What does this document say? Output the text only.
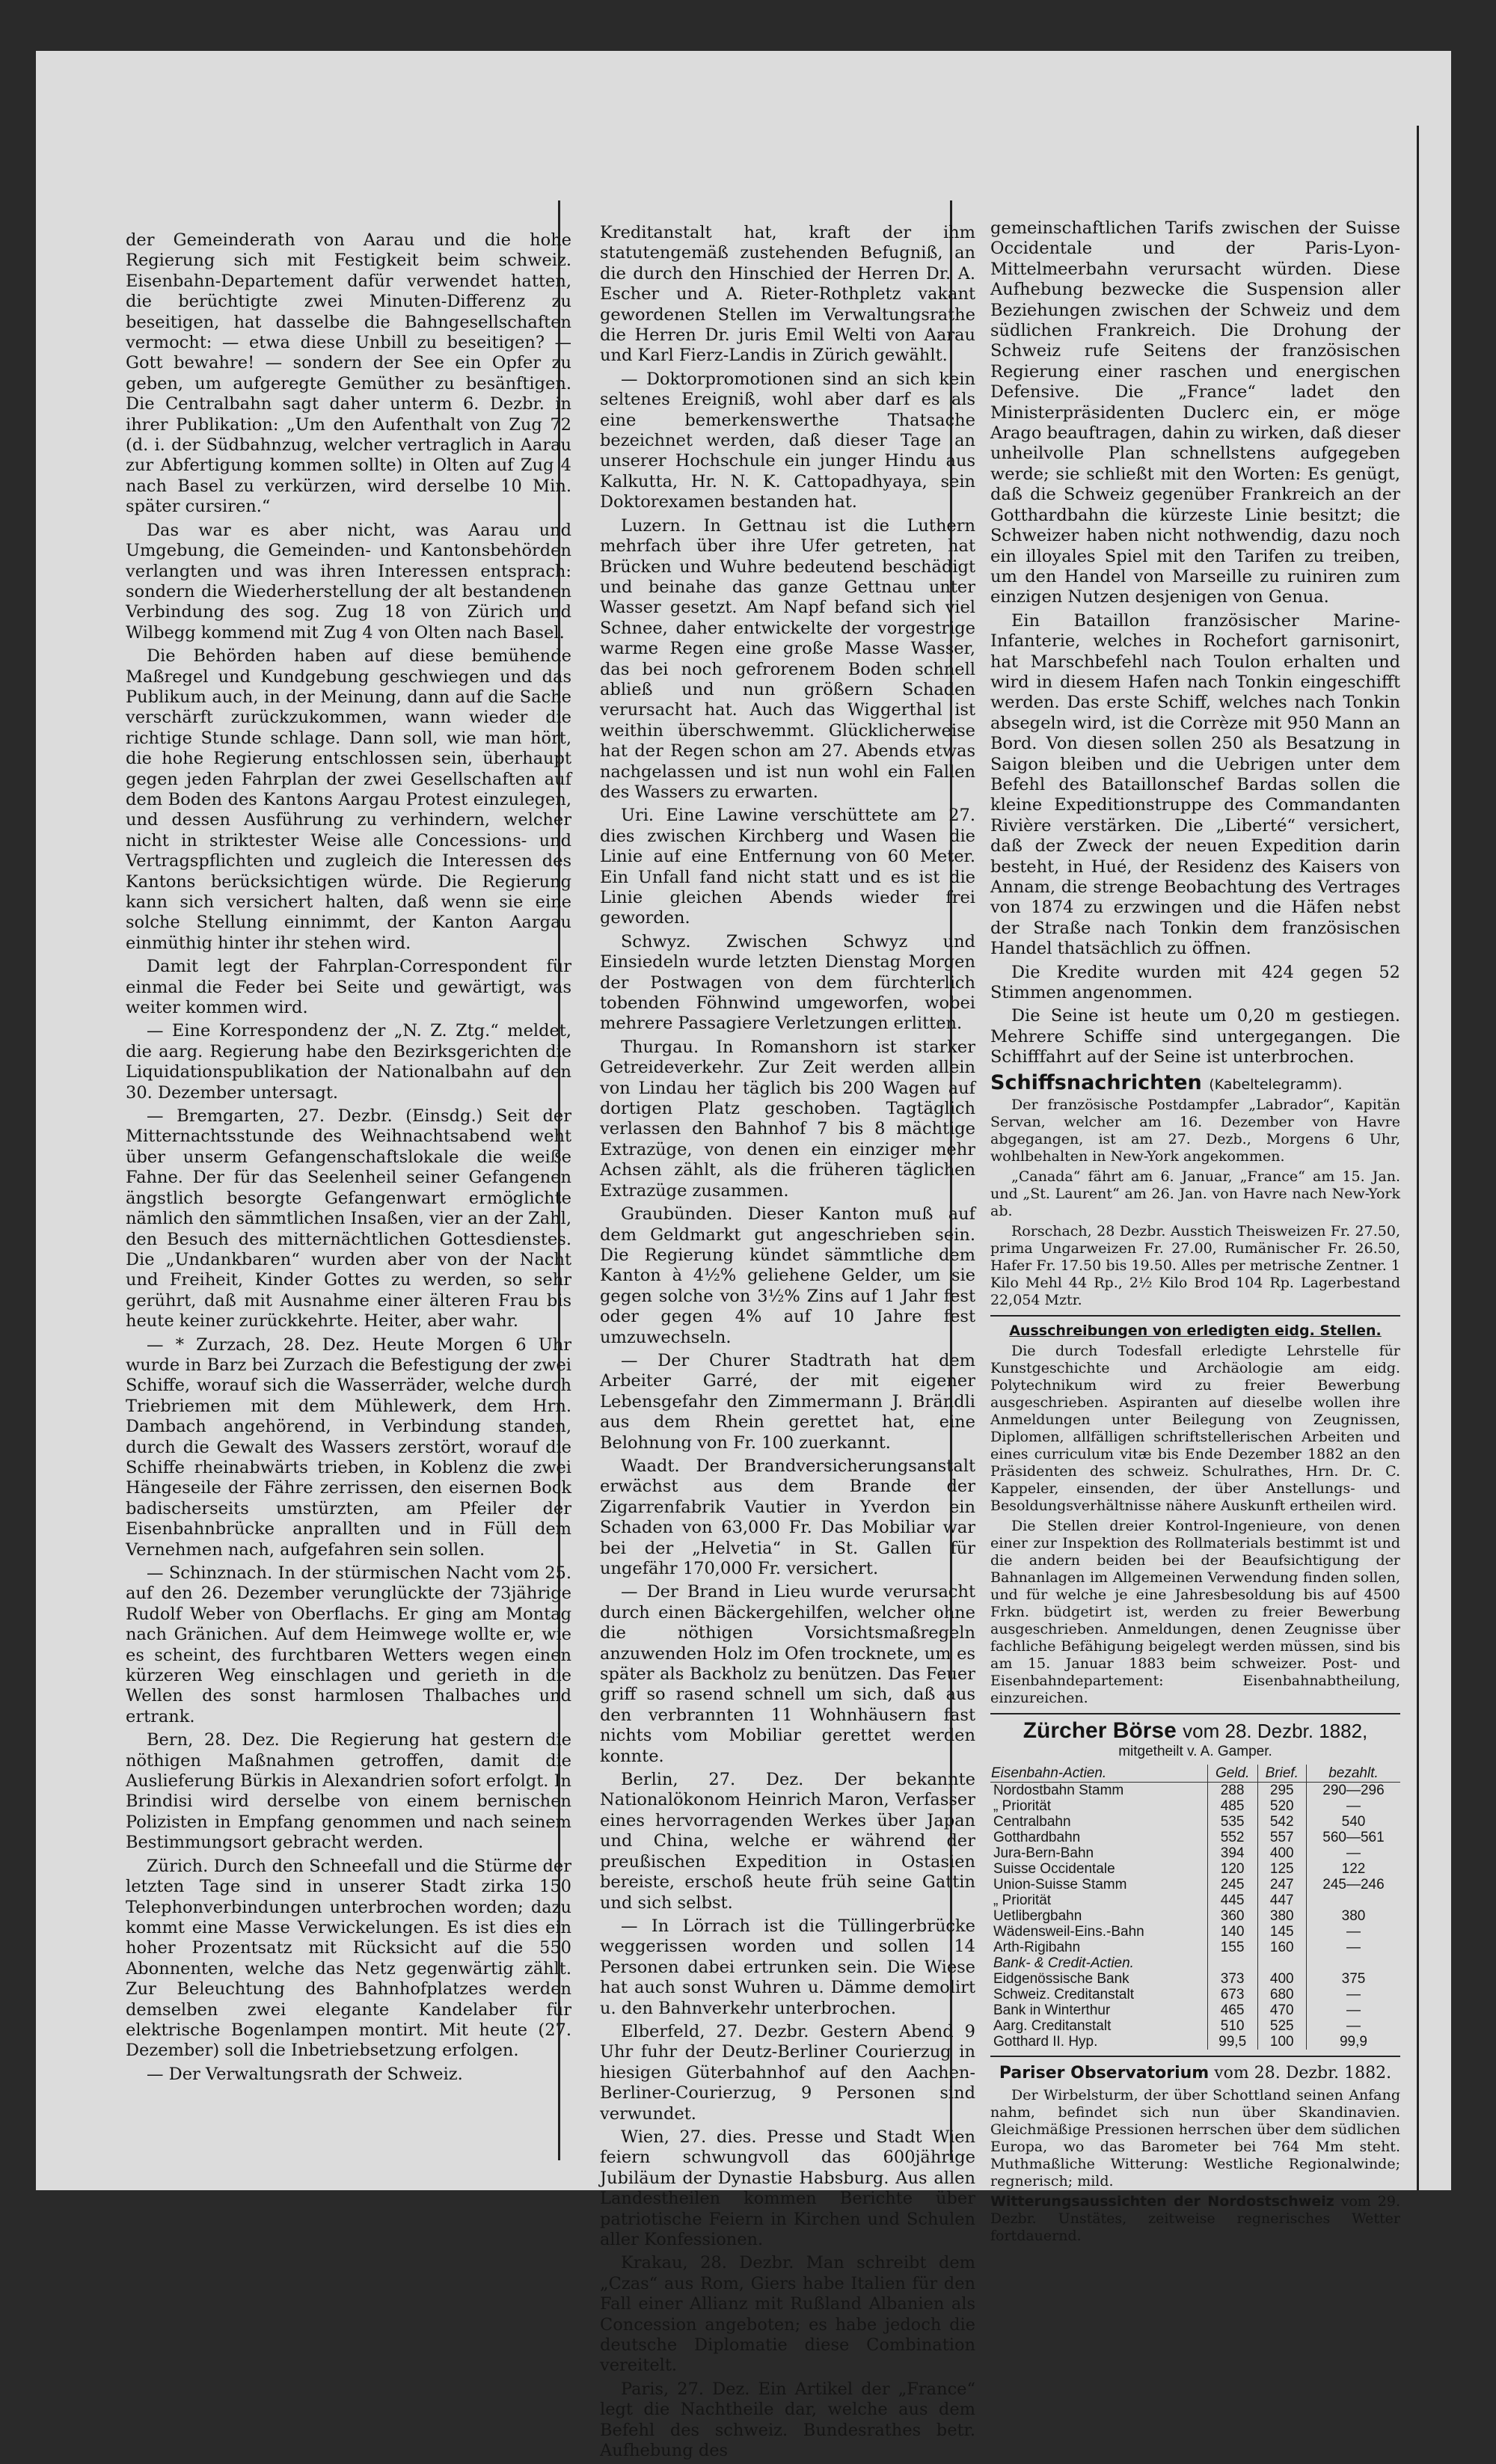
der Gemeinderath von Aarau und die hohe Regierung sich mit Festigkeit beim schweiz. Eisenbahn-Departement dafür verwendet hatten, die berüchtigte zwei Minuten-Differenz zu beseitigen, hat dasselbe die Bahngesellschaften vermocht: — etwa diese Unbill zu beseitigen? — Gott bewahre! — sondern der See ein Opfer zu geben, um aufgeregte Gemüther zu besänftigen. Die Centralbahn sagt daher unterm 6. Dezbr. in ihrer Publikation: „Um den Aufenthalt von Zug 72 (d. i. der Südbahnzug, welcher vertraglich in Aarau zur Abfertigung kommen sollte) in Olten auf Zug 4 nach Basel zu verkürzen, wird derselbe 10 Min. später cursiren.“

Das war es aber nicht, was Aarau und Umgebung, die Gemeinden- und Kantonsbehörden verlangten und was ihren Interessen entsprach: sondern die Wiederherstellung der alt bestandenen Verbindung des sog. Zug 18 von Zürich und Wilbegg kommend mit Zug 4 von Olten nach Basel.

Die Behörden haben auf diese bemühende Maßregel und Kundgebung geschwiegen und das Publikum auch, in der Meinung, dann auf die Sache verschärft zurückzukommen, wann wieder die richtige Stunde schlage. Dann soll, wie man hört, die hohe Regierung entschlossen sein, überhaupt gegen jeden Fahrplan der zwei Gesellschaften auf dem Boden des Kantons Aargau Protest einzulegen, und dessen Ausführung zu verhindern, welcher nicht in striktester Weise alle Concessions- und Vertragspflichten und zugleich die Interessen des Kantons berücksichtigen würde. Die Regierung kann sich versichert halten, daß wenn sie eine solche Stellung einnimmt, der Kanton Aargau einmüthig hinter ihr stehen wird.

Damit legt der Fahrplan-Correspondent für einmal die Feder bei Seite und gewärtigt, was weiter kommen wird.

— Eine Korrespondenz der „N. Z. Ztg.“ meldet, die aarg. Regierung habe den Bezirksgerichten die Liquidationspublikation der Nationalbahn auf den 30. Dezember untersagt.

— Bremgarten, 27. Dezbr. (Einsdg.) Seit der Mitternachtsstunde des Weihnachtsabend weht über unserm Gefangenschaftslokale die weiße Fahne. Der für das Seelenheil seiner Gefangenen ängstlich besorgte Gefangenwart ermöglichte nämlich den sämmtlichen Insaßen, vier an der Zahl, den Besuch des mitternächtlichen Gottesdienstes. Die „Undankbaren“ wurden aber von der Nacht und Freiheit, Kinder Gottes zu werden, so sehr gerührt, daß mit Ausnahme einer älteren Frau bis heute keiner zurückkehrte. Heiter, aber wahr.

— * Zurzach, 28. Dez. Heute Morgen 6 Uhr wurde in Barz bei Zurzach die Befestigung der zwei Schiffe, worauf sich die Wasserräder, welche durch Triebriemen mit dem Mühlewerk, dem Hrn. Dambach angehörend, in Verbindung standen, durch die Gewalt des Wassers zerstört, worauf die Schiffe rheinabwärts trieben, in Koblenz die zwei Hängeseile der Fähre zerrissen, den eisernen Bock badischerseits umstürzten, am Pfeiler der Eisenbahnbrücke anprallten und in Füll dem Vernehmen nach, aufgefahren sein sollen.

— Schinznach. In der stürmischen Nacht vom 25. auf den 26. Dezember verunglückte der 73jährige Rudolf Weber von Oberflachs. Er ging am Montag nach Gränichen. Auf dem Heimwege wollte er, wie es scheint, des furchtbaren Wetters wegen einen kürzeren Weg einschlagen und gerieth in die Wellen des sonst harmlosen Thalbaches und ertrank.

Bern, 28. Dez. Die Regierung hat gestern die nöthigen Maßnahmen getroffen, damit die Auslieferung Bürkis in Alexandrien sofort erfolgt. In Brindisi wird derselbe von einem bernischen Polizisten in Empfang genommen und nach seinem Bestimmungsort gebracht werden.

Zürich. Durch den Schneefall und die Stürme der letzten Tage sind in unserer Stadt zirka 150 Telephonverbindungen unterbrochen worden; dazu kommt eine Masse Verwickelungen. Es ist dies ein hoher Prozentsatz mit Rücksicht auf die 550 Abonnenten, welche das Netz gegenwärtig zählt. Zur Beleuchtung des Bahnhofplatzes werden demselben zwei elegante Kandelaber für elektrische Bogenlampen montirt. Mit heute (27. Dezember) soll die Inbetriebsetzung erfolgen.

— Der Verwaltungsrath der Schweiz.

Kreditanstalt hat, kraft der ihm statutengemäß zustehenden Befugniß, an die durch den Hinschied der Herren Dr. A. Escher und A. Rieter-Rothpletz vakant gewordenen Stellen im Verwaltungsrathe die Herren Dr. juris Emil Welti von Aarau und Karl Fierz-Landis in Zürich gewählt.

— Doktorpromotionen sind an sich kein seltenes Ereigniß, wohl aber darf es als eine bemerkenswerthe Thatsache bezeichnet werden, daß dieser Tage an unserer Hochschule ein junger Hindu aus Kalkutta, Hr. N. K. Cattopadhyaya, sein Doktorexamen bestanden hat.

Luzern. In Gettnau ist die Luthern mehrfach über ihre Ufer getreten, hat Brücken und Wuhre bedeutend beschädigt und beinahe das ganze Gettnau unter Wasser gesetzt. Am Napf befand sich viel Schnee, daher entwickelte der vorgestrige warme Regen eine große Masse Wasser, das bei noch gefrorenem Boden schnell abließ und nun größern Schaden verursacht hat. Auch das Wiggerthal ist weithin überschwemmt. Glücklicherweise hat der Regen schon am 27. Abends etwas nachgelassen und ist nun wohl ein Fallen des Wassers zu erwarten.

Uri. Eine Lawine verschüttete am 27. dies zwischen Kirchberg und Wasen die Linie auf eine Entfernung von 60 Meter. Ein Unfall fand nicht statt und es ist die Linie gleichen Abends wieder frei geworden.

Schwyz. Zwischen Schwyz und Einsiedeln wurde letzten Dienstag Morgen der Postwagen von dem fürchterlich tobenden Föhnwind umgeworfen, wobei mehrere Passagiere Verletzungen erlitten.

Thurgau. In Romanshorn ist starker Getreideverkehr. Zur Zeit werden allein von Lindau her täglich bis 200 Wagen auf dortigen Platz geschoben. Tagtäglich verlassen den Bahnhof 7 bis 8 mächtige Extrazüge, von denen ein einziger mehr Achsen zählt, als die früheren täglichen Extrazüge zusammen.

Graubünden. Dieser Kanton muß auf dem Geldmarkt gut angeschrieben sein. Die Regierung kündet sämmtliche dem Kanton à 4½% geliehene Gelder, um sie gegen solche von 3½% Zins auf 1 Jahr fest oder gegen 4% auf 10 Jahre fest umzuwechseln.

— Der Churer Stadtrath hat dem Arbeiter Garré, der mit eigener Lebensgefahr den Zimmermann J. Brändli aus dem Rhein gerettet hat, eine Belohnung von Fr. 100 zuerkannt.

Waadt. Der Brandversicherungsanstalt erwächst aus dem Brande der Zigarrenfabrik Vautier in Yverdon ein Schaden von 63,000 Fr. Das Mobiliar war bei der „Helvetia“ in St. Gallen für ungefähr 170,000 Fr. versichert.

— Der Brand in Lieu wurde verursacht durch einen Bäckergehilfen, welcher ohne die nöthigen Vorsichtsmaßregeln anzuwenden Holz im Ofen trocknete, um es später als Backholz zu benützen. Das Feuer griff so rasend schnell um sich, daß aus den verbrannten 11 Wohnhäusern fast nichts vom Mobiliar gerettet werden konnte.

Berlin, 27. Dez. Der bekannte Nationalökonom Heinrich Maron, Verfasser eines hervorragenden Werkes über Japan und China, welche er während der preußischen Expedition in Ostasien bereiste, erschoß heute früh seine Gattin und sich selbst.

— In Lörrach ist die Tüllingerbrücke weggerissen worden und sollen 14 Personen dabei ertrunken sein. Die Wiese hat auch sonst Wuhren u. Dämme demolirt u. den Bahnverkehr unterbrochen.

Elberfeld, 27. Dezbr. Gestern Abend 9 Uhr fuhr der Deutz-Berliner Courierzug in hiesigen Güterbahnhof auf den Aachen-Berliner-Courierzug, 9 Personen sind verwundet.

Wien, 27. dies. Presse und Stadt Wien feiern schwungvoll das 600jährige Jubiläum der Dynastie Habsburg. Aus allen Landestheilen kommen Berichte über patriotische Feiern in Kirchen und Schulen aller Konfessionen.

Krakau, 28. Dezbr. Man schreibt dem „Czas“ aus Rom, Giers habe Italien für den Fall einer Allianz mit Rußland Albanien als Concession angeboten; es habe jedoch die deutsche Diplomatie diese Combination vereitelt.

Paris, 27. Dez. Ein Artikel der „France“ legt die Nachtheile dar, welche aus dem Befehl des schweiz. Bundesrathes betr. Aufhebung des

gemeinschaftlichen Tarifs zwischen der Suisse Occidentale und der Paris-Lyon-Mittelmeerbahn verursacht würden. Diese Aufhebung bezwecke die Suspension aller Beziehungen zwischen der Schweiz und dem südlichen Frankreich. Die Drohung der Schweiz rufe Seitens der französischen Regierung einer raschen und energischen Defensive. Die „France“ ladet den Ministerpräsidenten Duclerc ein, er möge Arago beauftragen, dahin zu wirken, daß dieser unheilvolle Plan schnellstens aufgegeben werde; sie schließt mit den Worten: Es genügt, daß die Schweiz gegenüber Frankreich an der Gotthardbahn die kürzeste Linie besitzt; die Schweizer haben nicht nothwendig, dazu noch ein illoyales Spiel mit den Tarifen zu treiben, um den Handel von Marseille zu ruiniren zum einzigen Nutzen desjenigen von Genua.

Ein Bataillon französischer Marine-Infanterie, welches in Rochefort garnisonirt, hat Marschbefehl nach Toulon erhalten und wird in diesem Hafen nach Tonkin eingeschifft werden. Das erste Schiff, welches nach Tonkin absegeln wird, ist die Corrèze mit 950 Mann an Bord. Von diesen sollen 250 als Besatzung in Saigon bleiben und die Uebrigen unter dem Befehl des Bataillonschef Bardas sollen die kleine Expeditionstruppe des Commandanten Rivière verstärken. Die „Liberté“ versichert, daß der Zweck der neuen Expedition darin besteht, in Hué, der Residenz des Kaisers von Annam, die strenge Beobachtung des Vertrages von 1874 zu erzwingen und die Häfen nebst der Straße nach Tonkin dem französischen Handel thatsächlich zu öffnen.

Die Kredite wurden mit 424 gegen 52 Stimmen angenommen.

Die Seine ist heute um 0,20 m gestiegen. Mehrere Schiffe sind untergegangen. Die Schifffahrt auf der Seine ist unterbrochen.

Schiffsnachrichten (Kabeltelegramm).

Der französische Postdampfer „Labrador“, Kapitän Servan, welcher am 16. Dezember von Havre abgegangen, ist am 27. Dezb., Morgens 6 Uhr, wohlbehalten in New-York angekommen.

„Canada“ fährt am 6. Januar, „France“ am 15. Jan. und „St. Laurent“ am 26. Jan. von Havre nach New-York ab.

Rorschach, 28 Dezbr. Ausstich Theisweizen Fr. 27.50, prima Ungarweizen Fr. 27.00, Rumänischer Fr. 26.50, Hafer Fr. 17.50 bis 19.50. Alles per metrische Zentner. 1 Kilo Mehl 44 Rp., 2½ Kilo Brod 104 Rp. Lagerbestand 22,054 Mztr.

Ausschreibungen von erledigten eidg. Stellen.

Die durch Todesfall erledigte Lehrstelle für Kunstgeschichte und Archäologie am eidg. Polytechnikum wird zu freier Bewerbung ausgeschrieben. Aspiranten auf dieselbe wollen ihre Anmeldungen unter Beilegung von Zeugnissen, Diplomen, allfälligen schriftstellerischen Arbeiten und eines curriculum vitæ bis Ende Dezember 1882 an den Präsidenten des schweiz. Schulrathes, Hrn. Dr. C. Kappeler, einsenden, der über Anstellungs- und Besoldungsverhältnisse nähere Auskunft ertheilen wird.

Die Stellen dreier Kontrol-Ingenieure, von denen einer zur Inspektion des Rollmaterials bestimmt ist und die andern beiden bei der Beaufsichtigung der Bahnanlagen im Allgemeinen Verwendung finden sollen, und für welche je eine Jahresbesoldung bis auf 4500 Frkn. büdgetirt ist, werden zu freier Bewerbung ausgeschrieben. Anmeldungen, denen Zeugnisse über fachliche Befähigung beigelegt werden müssen, sind bis am 15. Januar 1883 beim schweizer. Post- und Eisenbahndepartement: Eisenbahnabtheilung, einzureichen.

Zürcher Börse vom 28. Dezbr. 1882,
mitgetheilt v. A. Gamper.
Eisenbahn-Actien.	Geld.	Brief.	bezahlt.
Nordostbahn Stamm	288	295	290—296
„ Priorität	485	520	—
Centralbahn	535	542	540
Gotthardbahn	552	557	560—561
Jura-Bern-Bahn	394	400	—
Suisse Occidentale	120	125	122
Union-Suisse Stamm	245	247	245—246
„ Priorität	445	447	
Uetlibergbahn	360	380	380
Wädensweil-Eins.-Bahn	140	145	—
Arth-Rigibahn	155	160	—
Bank- & Credit-Actien.			
Eidgenössische Bank	373	400	375
Schweiz. Creditanstalt	673	680	—
Bank in Winterthur	465	470	—
Aarg. Creditanstalt	510	525	—
Gotthard II. Hyp.	99,5	100	99,9

Pariser Observatorium vom 28. Dezbr. 1882.

Der Wirbelsturm, der über Schottland seinen Anfang nahm, befindet sich nun über Skandinavien. Gleichmäßige Pressionen herrschen über dem südlichen Europa, wo das Barometer bei 764 Mm steht. Muthmaßliche Witterung: Westliche Regionalwinde; regnerisch; mild.

Witterungsaussichten der Nordostschweiz vom 29. Dezbr. Unstätes, zeitweise regnerisches Wetter fortdauernd.
